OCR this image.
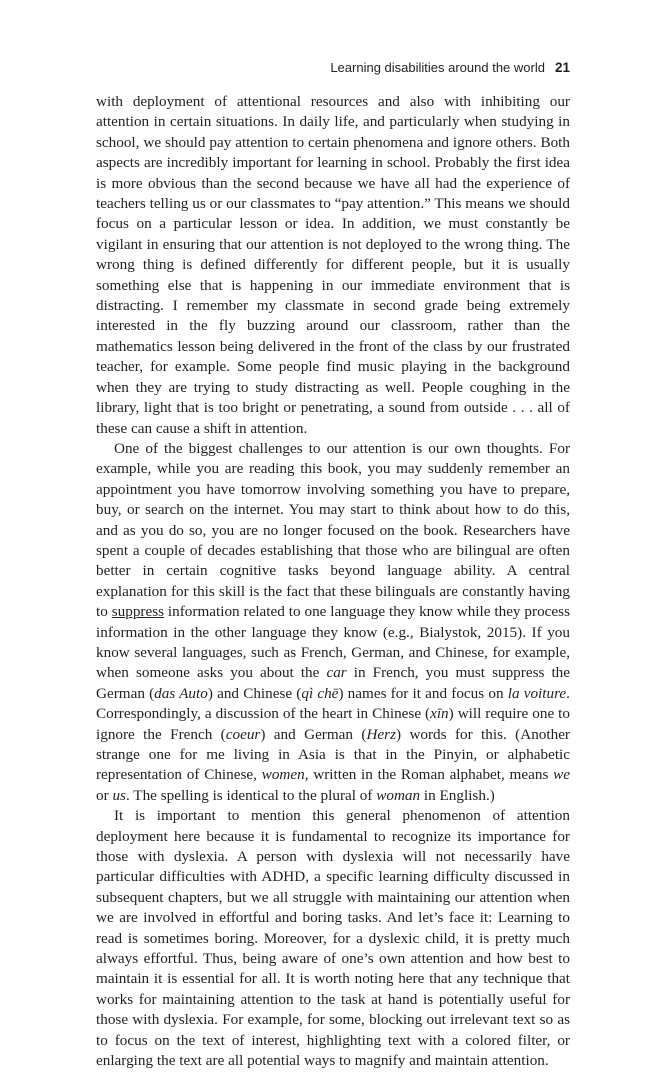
Learning disabilities around the world 21

with deployment of attentional resources and also with inhibiting our attention in certain situations. In daily life, and particularly when studying in school, we should pay attention to certain phenomena and ignore others. Both aspects are incredibly important for learning in school. Probably the first idea is more obvious than the second because we have all had the experience of teachers telling us or our classmates to “pay attention.” This means we should focus on a particular lesson or idea. In addition, we must constantly be vigilant in ensuring that our attention is not deployed to the wrong thing. The wrong thing is defined differently for different people, but it is usually something else that is happening in our immediate environment that is distracting. I remember my classmate in second grade being extremely interested in the fly buzzing around our classroom, rather than the mathematics lesson being delivered in the front of the class by our frustrated teacher, for example. Some people find music playing in the background when they are trying to study distracting as well. People coughing in the library, light that is too bright or penetrating, a sound from outside . . . all of these can cause a shift in attention.

One of the biggest challenges to our attention is our own thoughts. For example, while you are reading this book, you may suddenly remember an appointment you have tomorrow involving something you have to prepare, buy, or search on the internet. You may start to think about how to do this, and as you do so, you are no longer focused on the book. Researchers have spent a couple of decades establishing that those who are bilingual are often better in certain cognitive tasks beyond language ability. A central explanation for this skill is the fact that these bilinguals are constantly having to suppress information related to one language they know while they process information in the other language they know (e.g., Bialystok, 2015). If you know several languages, such as French, German, and Chinese, for example, when someone asks you about the car in French, you must suppress the German (das Auto) and Chinese (qì chē) names for it and focus on la voiture. Correspondingly, a discussion of the heart in Chinese (xīn) will require one to ignore the French (coeur) and German (Herz) words for this. (Another strange one for me living in Asia is that in the Pinyin, or alphabetic representation of Chinese, women, written in the Roman alphabet, means we or us. The spelling is identical to the plural of woman in English.)

It is important to mention this general phenomenon of attention deployment here because it is fundamental to recognize its importance for those with dyslexia. A person with dyslexia will not necessarily have particular difficulties with ADHD, a specific learning difficulty discussed in subsequent chapters, but we all struggle with maintaining our attention when we are involved in effortful and boring tasks. And let’s face it: Learning to read is sometimes boring. Moreover, for a dyslexic child, it is pretty much always effortful. Thus, being aware of one’s own attention and how best to maintain it is essential for all. It is worth noting here that any technique that works for maintaining attention to the task at hand is potentially useful for those with dyslexia. For example, for some, blocking out irrelevant text so as to focus on the text of interest, highlighting text with a colored filter, or enlarging the text are all potential ways to magnify and maintain attention.
